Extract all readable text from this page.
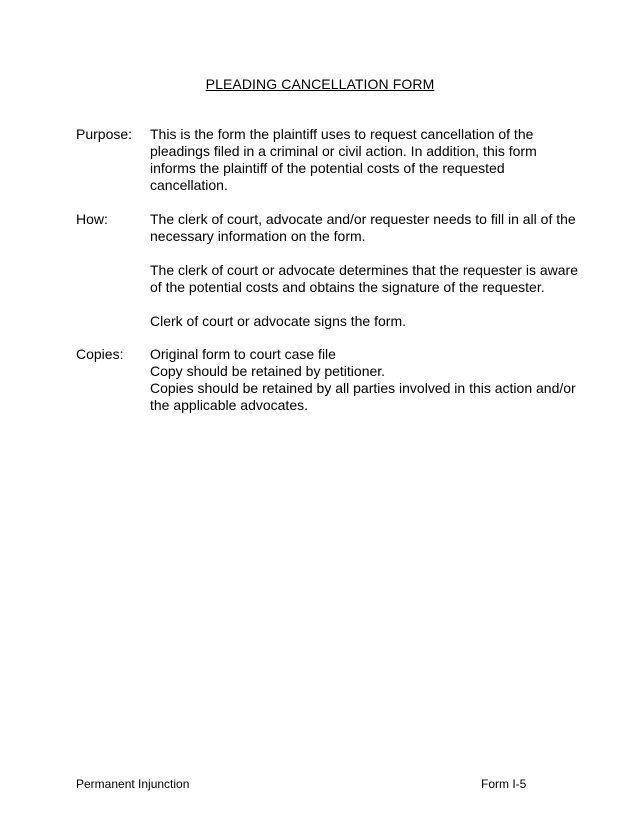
PLEADING CANCELLATION FORM
Purpose: This is the form the plaintiff uses to request cancellation of the
pleadings filed in a criminal or civil action. In addition, this form
informs the plaintiff of the potential costs of the requested
cancellation.
How:	The clerk of court, advocate and/or requester needs to fill in all of the
necessary information on the form.
The clerk of court or advocate determines that the requester is aware
of the potential costs and obtains the signature of the requester.
Clerk of court or advocate signs the form.
Copies: Original form to court case file
Copy should be retained by petitioner.
Copies should be retained by all parties involved in this action and/or
the applicable advocates.
Permanent Injunction	Form I-5
